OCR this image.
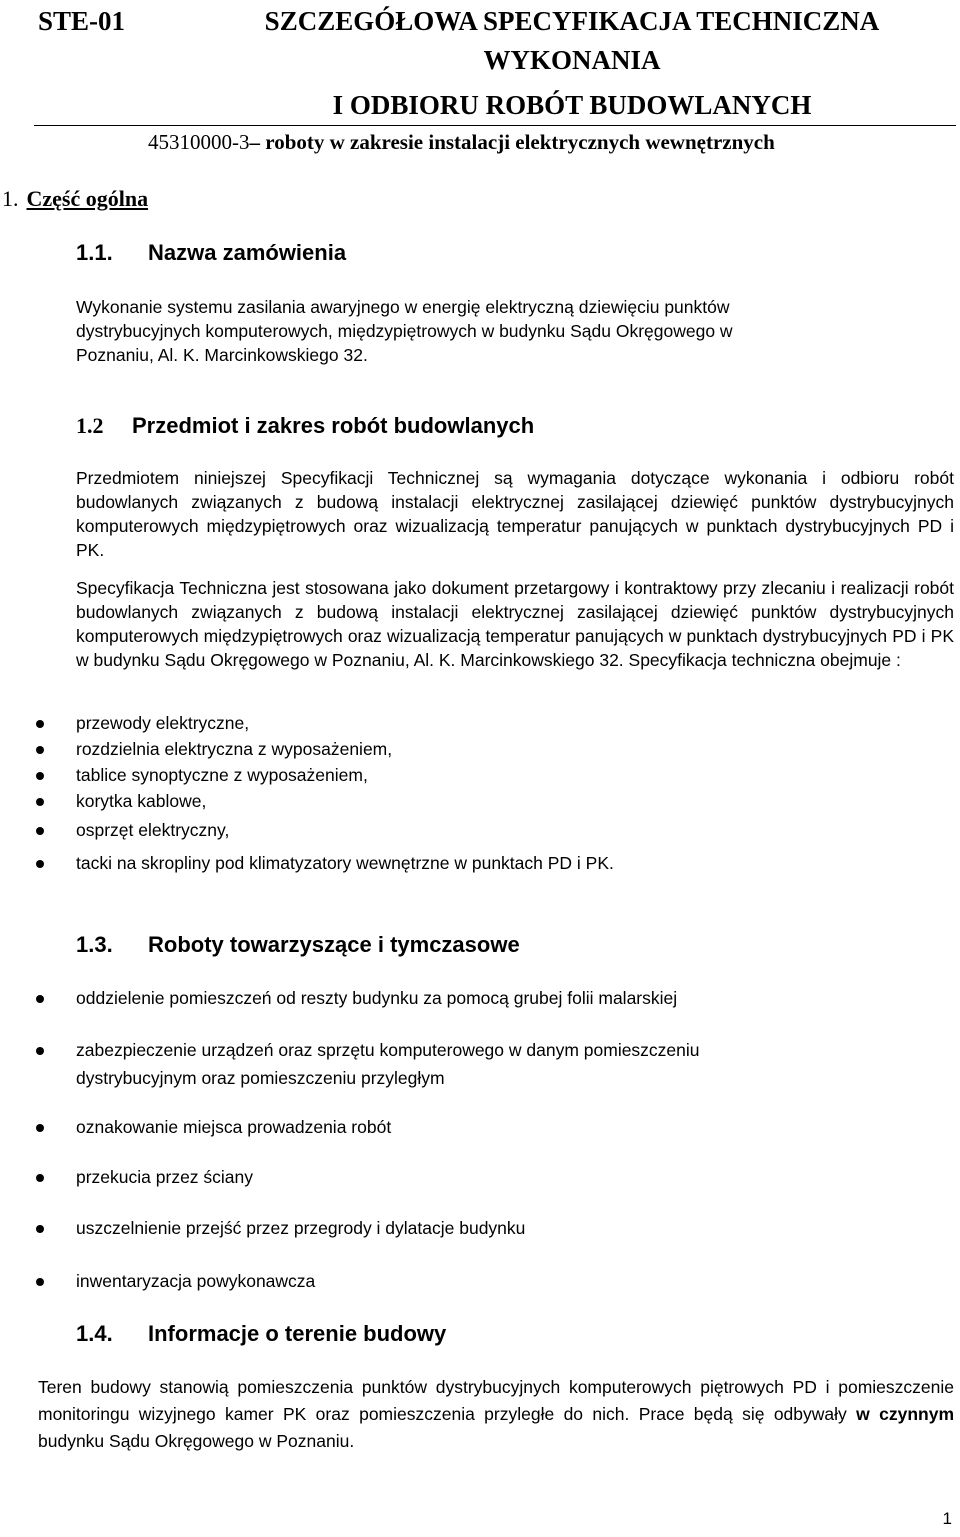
STE-01	SZCZEGÓŁOWA SPECYFIKACJA TECHNICZNA
WYKONANIA
I ODBIORU ROBÓT BUDOWLANYCH
45310000-3– roboty w zakresie instalacji elektrycznych wewnętrznych
1. Część ogólna
1.1. Nazwa zamówienia
Wykonanie systemu zasilania awaryjnego w energię elektryczną dziewięciu punktów
dystrybucyjnych komputerowych, międzypiętrowych w budynku Sądu Okręgowego w
Poznaniu, Al. K. Marcinkowskiego 32.
1.2 Przedmiot i zakres robót budowlanych
Przedmiotem niniejszej Specyfikacji Technicznej są wymagania dotyczące wykonania i odbioru robót budowlanych związanych z budową instalacji elektrycznej zasilającej dziewięć punktów dystrybucyjnych komputerowych międzypiętrowych oraz wizualizacją temperatur panujących w punktach dystrybucyjnych PD i PK.
Specyfikacja Techniczna jest stosowana jako dokument przetargowy i kontraktowy przy zlecaniu i realizacji robót budowlanych związanych z budową instalacji elektrycznej zasilającej dziewięć punktów dystrybucyjnych komputerowych międzypiętrowych oraz wizualizacją temperatur panujących w punktach dystrybucyjnych PD i PK w budynku Sądu Okręgowego w Poznaniu, Al. K. Marcinkowskiego 32. Specyfikacja techniczna obejmuje :
przewody elektryczne,
rozdzielnia elektryczna z wyposażeniem,
tablice synoptyczne z wyposażeniem,
korytka kablowe,
osprzęt elektryczny,
tacki na skropliny pod klimatyzatory wewnętrzne w punktach PD i PK.
1.3. Roboty towarzyszące i tymczasowe
oddzielenie pomieszczeń od reszty budynku za pomocą grubej folii malarskiej
zabezpieczenie urządzeń oraz sprzętu komputerowego w danym pomieszczeniu
dystrybucyjnym oraz pomieszczeniu przyległym
oznakowanie miejsca prowadzenia robót
przekucia przez ściany
uszczelnienie przejść przez przegrody i dylatacje budynku
inwentaryzacja powykonawcza
1.4. Informacje o terenie budowy
Teren budowy stanowią pomieszczenia punktów dystrybucyjnych komputerowych piętrowych PD i pomieszczenie monitoringu wizyjnego kamer PK oraz pomieszczenia przyległe do nich. Prace będą się odbywały w czynnym budynku Sądu Okręgowego w Poznaniu.
1
